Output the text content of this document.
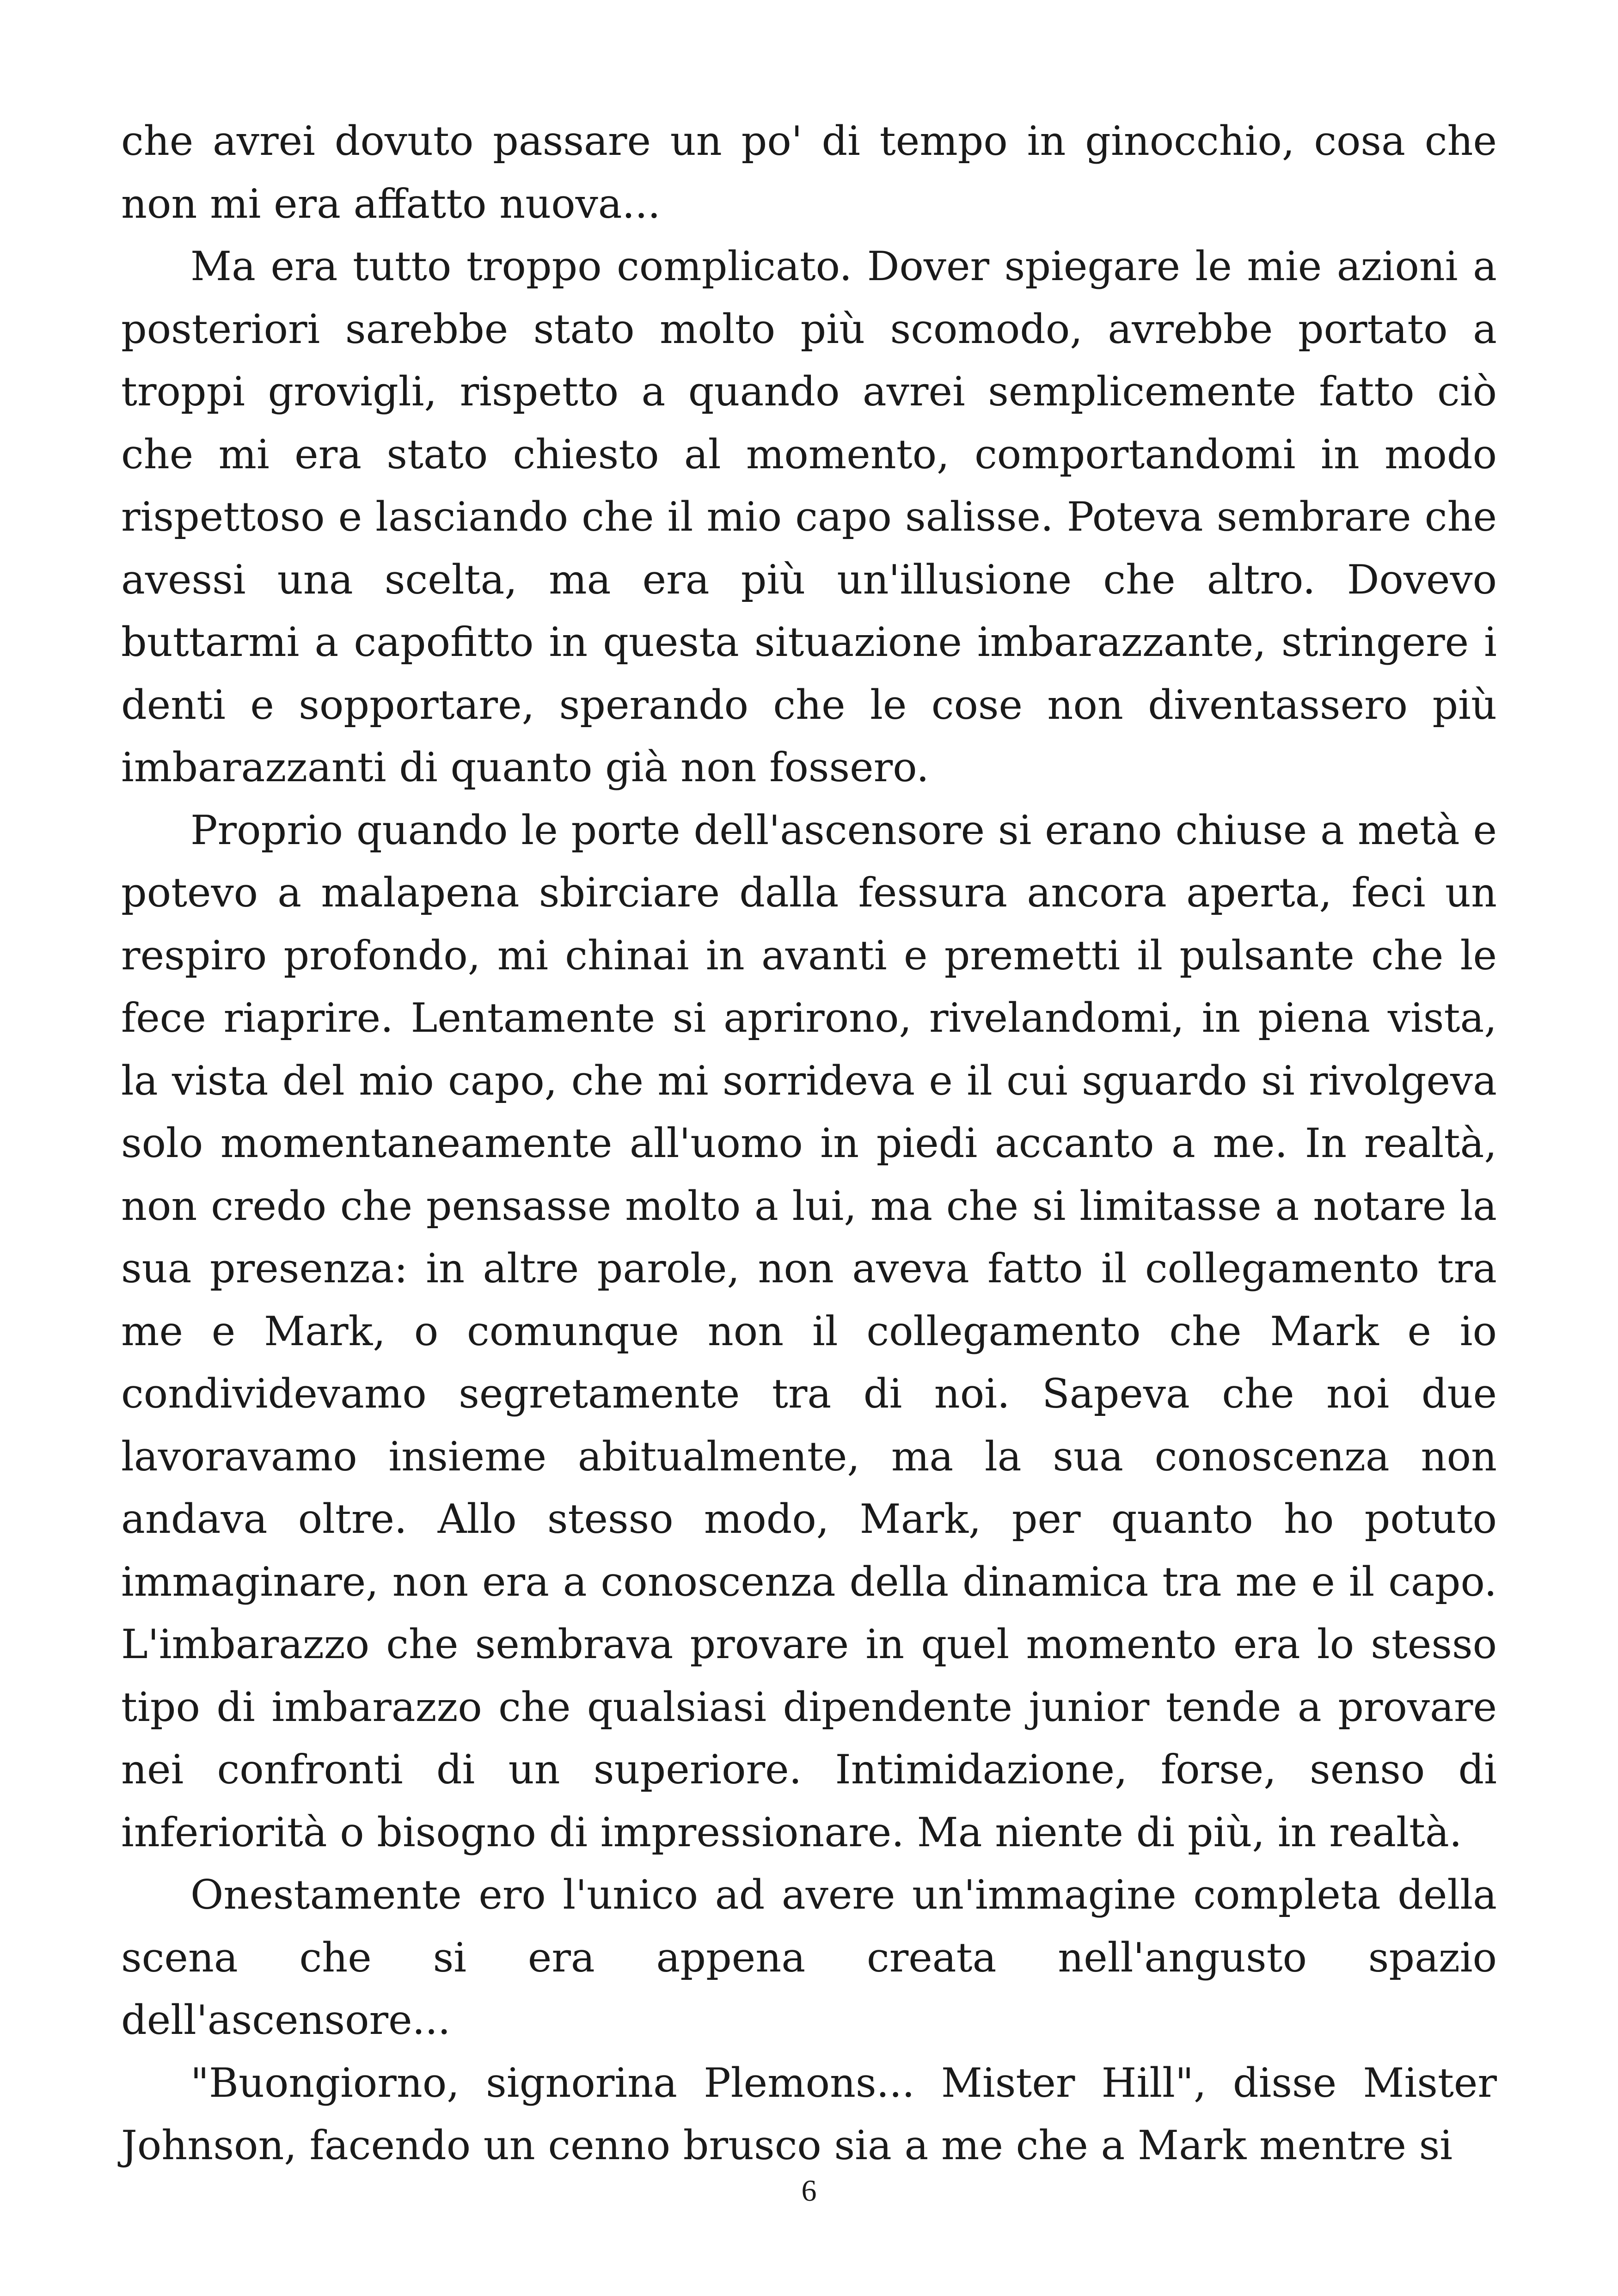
che avrei dovuto passare un po' di tempo in ginocchio, cosa che non mi era affatto nuova...

Ma era tutto troppo complicato. Dover spiegare le mie azioni a posteriori sarebbe stato molto più scomodo, avrebbe portato a troppi grovigli, rispetto a quando avrei semplicemente fatto ciò che mi era stato chiesto al momento, comportandomi in modo rispettoso e lasciando che il mio capo salisse. Poteva sembrare che avessi una scelta, ma era più un'illusione che altro. Dovevo buttarmi a capofitto in questa situazione imbarazzante, stringere i denti e sopportare, sperando che le cose non diventassero più imbarazzanti di quanto già non fossero.

Proprio quando le porte dell'ascensore si erano chiuse a metà e potevo a malapena sbirciare dalla fessura ancora aperta, feci un respiro profondo, mi chinai in avanti e premetti il pulsante che le fece riaprire. Lentamente si aprirono, rivelandomi, in piena vista, la vista del mio capo, che mi sorrideva e il cui sguardo si rivolgeva solo momentaneamente all'uomo in piedi accanto a me. In realtà, non credo che pensasse molto a lui, ma che si limitasse a notare la sua presenza: in altre parole, non aveva fatto il collegamento tra me e Mark, o comunque non il collegamento che Mark e io condividevamo segretamente tra di noi. Sapeva che noi due lavoravamo insieme abitualmente, ma la sua conoscenza non andava oltre. Allo stesso modo, Mark, per quanto ho potuto immaginare, non era a conoscenza della dinamica tra me e il capo. L'imbarazzo che sembrava provare in quel momento era lo stesso tipo di imbarazzo che qualsiasi dipendente junior tende a provare nei confronti di un superiore. Intimidazione, forse, senso di inferiorità o bisogno di impressionare. Ma niente di più, in realtà.

Onestamente ero l'unico ad avere un'immagine completa della scena che si era appena creata nell'angusto spazio dell'ascensore...

"Buongiorno, signorina Plemons... Mister Hill", disse Mister Johnson, facendo un cenno brusco sia a me che a Mark mentre si

6
